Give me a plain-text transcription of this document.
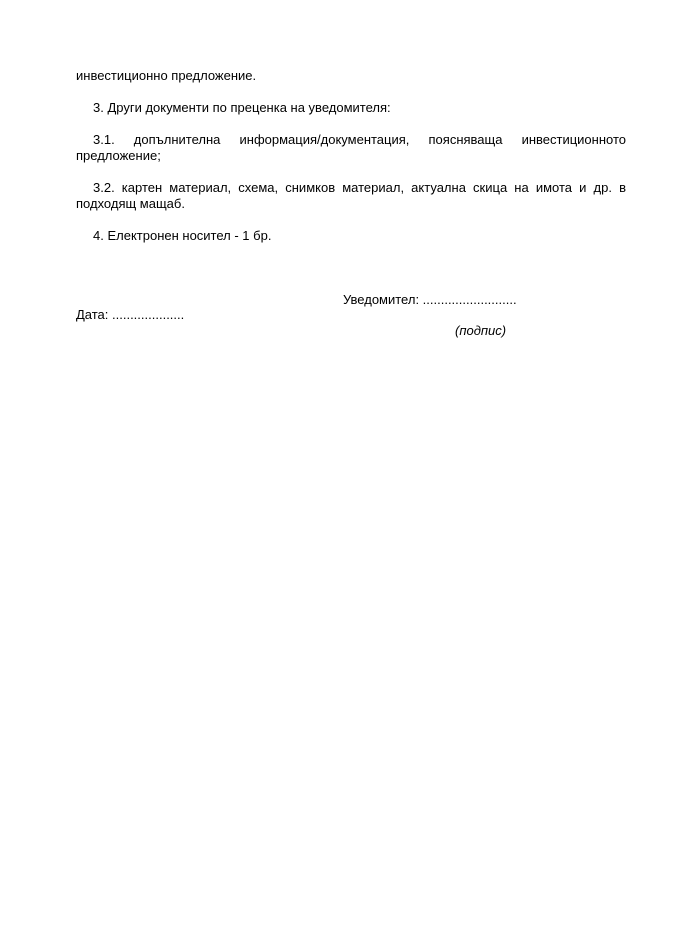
инвестиционно предложение.

3. Други документи по преценка на уведомителя:

3.1. допълнителна информация/документация, поясняваща инвестиционното предложение;

3.2. картен материал, схема, снимков материал, актуална скица на имота и др. в подходящ мащаб.

4. Електронен носител - 1 бр.

Уведомител: ..........................
Дата: ....................
(подпис)
